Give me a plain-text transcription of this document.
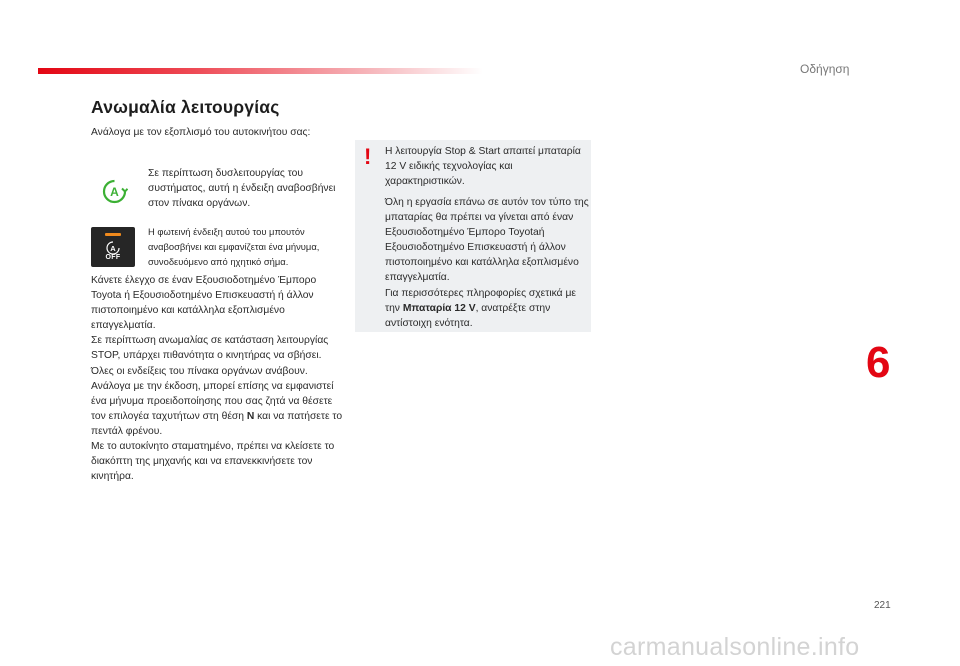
Οδήγηση
Ανωμαλία λειτουργίας

Ανάλογα με τον εξοπλισμό του αυτοκινήτου σας:

A

Σε περίπτωση δυσλειτουργίας του συστήματος, αυτή η ένδειξη αναβοσβήνει στον πίνακα οργάνων.

A
OFF

Η φωτεινή ένδειξη αυτού του μπουτόν αναβοσβήνει και εμφανίζεται ένα μήνυμα, συνοδευόμενο από ηχητικό σήμα.

Κάνετε έλεγχο σε έναν Εξουσιοδοτημένο Έμπορο Toyota ή Εξουσιοδοτημένο Επισκευαστή ή άλλον πιστοποιημένο και κατάλληλα εξοπλισμένο επαγγελματία.
Σε περίπτωση ανωμαλίας σε κατάσταση λειτουργίας STOP, υπάρχει πιθανότητα ο κινητήρας να σβήσει.
Όλες οι ενδείξεις του πίνακα οργάνων ανάβουν.
Ανάλογα με την έκδοση, μπορεί επίσης να εμφανιστεί ένα μήνυμα προειδοποίησης που σας ζητά να θέσετε τον επιλογέα ταχυτήτων στη θέση N και να πατήσετε το πεντάλ φρένου.
Με το αυτοκίνητο σταματημένο, πρέπει να κλείσετε το διακόπτη της μηχανής και να επανεκκινήσετε τον κινητήρα.

! Η λειτουργία Stop & Start απαιτεί μπαταρία 12 V ειδικής τεχνολογίας και χαρακτηριστικών.

Όλη η εργασία επάνω σε αυτόν τον τύπο της μπαταρίας θα πρέπει να γίνεται από έναν Εξουσιοδοτημένο Έμπορο Toyotaή Εξουσιοδοτημένο Επισκευαστή ή άλλον πιστοποιημένο και κατάλληλα εξοπλισμένο επαγγελματία.
Για περισσότερες πληροφορίες σχετικά με την Μπαταρία 12 V, ανατρέξτε στην αντίστοιχη ενότητα.

6
221
carmanualsonline.info
